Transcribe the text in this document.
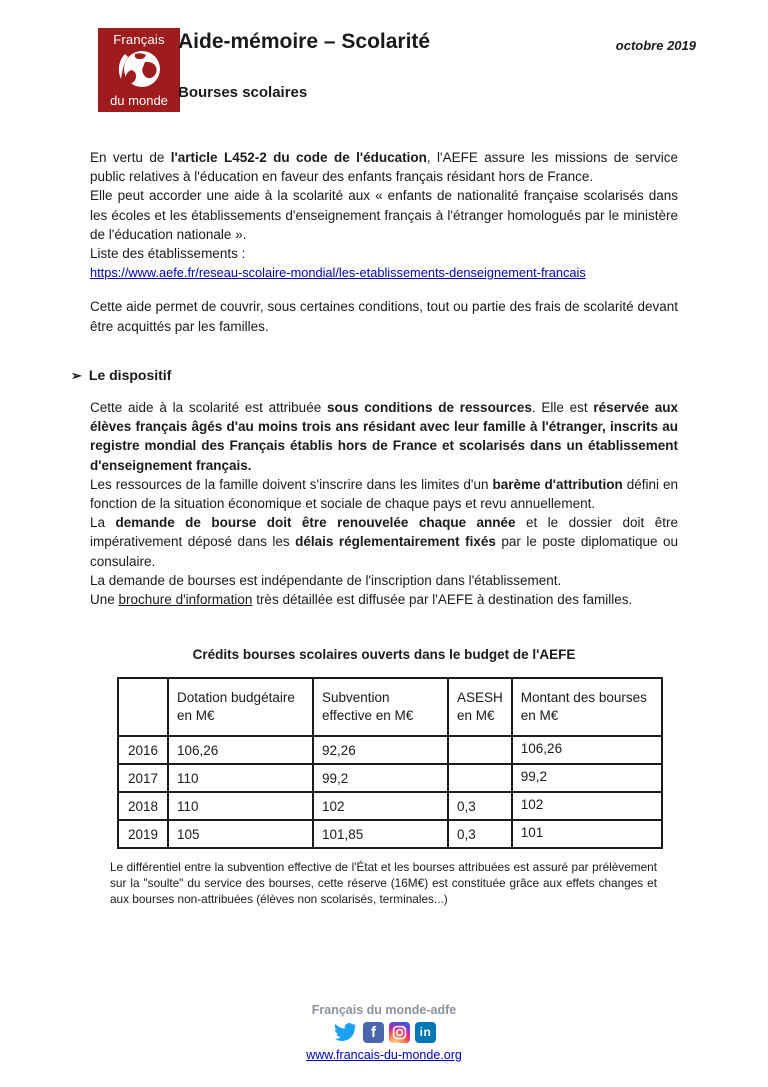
Français
du monde
Aide-mémoire – Scolarité	octobre 2019
Bourses scolaires

En vertu de l'article L452-2 du code de l'éducation, l'AEFE assure les missions de service public relatives à l'éducation en faveur des enfants français résidant hors de France.

Elle peut accorder une aide à la scolarité aux « enfants de nationalité française scolarisés dans les écoles et les établissements d'enseignement français à l'étranger homologués par le ministère de l'éducation nationale ».

Liste des établissements :

https://www.aefe.fr/reseau-scolaire-mondial/les-etablissements-denseignement-francais

Cette aide permet de couvrir, sous certaines conditions, tout ou partie des frais de scolarité devant être acquittés par les familles.

➢ Le dispositif

Cette aide à la scolarité est attribuée sous conditions de ressources. Elle est réservée aux élèves français âgés d'au moins trois ans résidant avec leur famille à l'étranger, inscrits au registre mondial des Français établis hors de France et scolarisés dans un établissement d'enseignement français.

Les ressources de la famille doivent s'inscrire dans les limites d'un barème d'attribution défini en fonction de la situation économique et sociale de chaque pays et revu annuellement.

La demande de bourse doit être renouvelée chaque année et le dossier doit être impérativement déposé dans les délais réglementairement fixés par le poste diplomatique ou consulaire.

La demande de bourses est indépendante de l'inscription dans l'établissement.

Une brochure d'information très détaillée est diffusée par l'AEFE à destination des familles.

Crédits bourses scolaires ouverts dans le budget de l'AEFE
	Dotation budgétaire en M€	Subvention effective en M€	ASESH en M€	Montant des bourses en M€
2016	106,26	92,26		106,26
2017	110	99,2		99,2
2018	110	102	0,3	102
2019	105	101,85	0,3	101

Le différentiel entre la subvention effective de l'État et les bourses attribuées est assuré par prélèvement sur la "soulte" du service des bourses, cette réserve (16M€) est constituée grâce aux effets changes et aux bourses non-attribuées (élèves non scolarisés, terminales...)

Français du monde-adfe
f	in
www.francais-du-monde.org
